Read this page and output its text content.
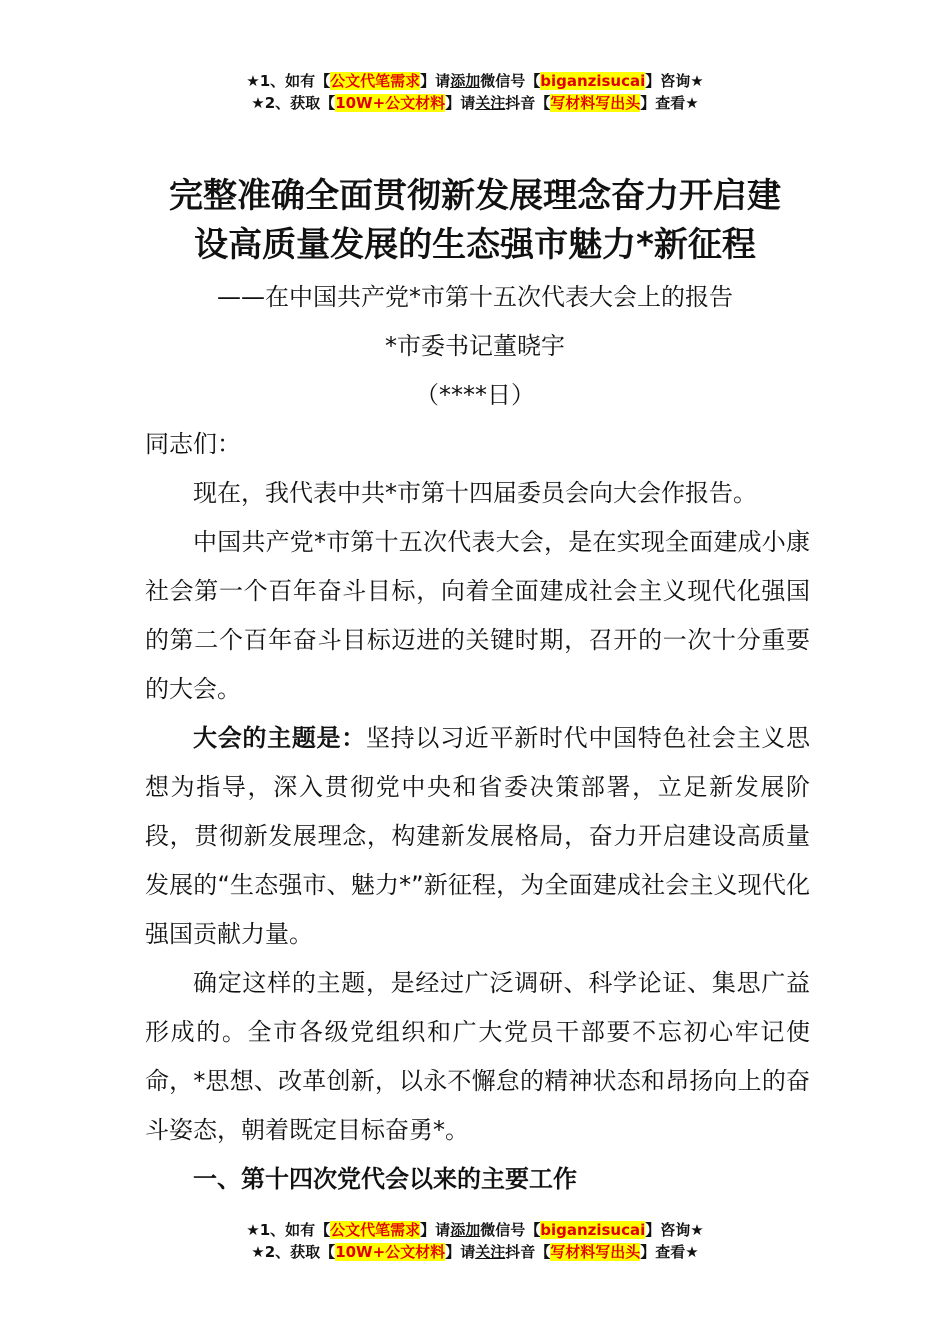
★1、如有【公文代笔需求】请添加微信号【biganzisucai】咨询★
★2、获取【10W+公文材料】请关注抖音【写材料写出头】查看★
完整准确全面贯彻新发展理念奋力开启建
设高质量发展的生态强市魅力*新征程
——在中国共产党*市第十五次代表大会上的报告
*市委书记董晓宇
（****日）

同志们：

现在，我代表中共*市第十四届委员会向大会作报告。

中国共产党*市第十五次代表大会，是在实现全面建成小康社会第一个百年奋斗目标，向着全面建成社会主义现代化强国的第二个百年奋斗目标迈进的关键时期，召开的一次十分重要的大会。

大会的主题是：坚持以习近平新时代中国特色社会主义思想为指导，深入贯彻党中央和省委决策部署，立足新发展阶段，贯彻新发展理念，构建新发展格局，奋力开启建设高质量发展的“生态强市、魅力*”新征程，为全面建成社会主义现代化强国贡献力量。

确定这样的主题，是经过广泛调研、科学论证、集思广益形成的。全市各级党组织和广大党员干部要不忘初心牢记使命，*思想、改革创新，以永不懈怠的精神状态和昂扬向上的奋斗姿态，朝着既定目标奋勇*。

一、第十四次党代会以来的主要工作

★1、如有【公文代笔需求】请添加微信号【biganzisucai】咨询★
★2、获取【10W+公文材料】请关注抖音【写材料写出头】查看★
